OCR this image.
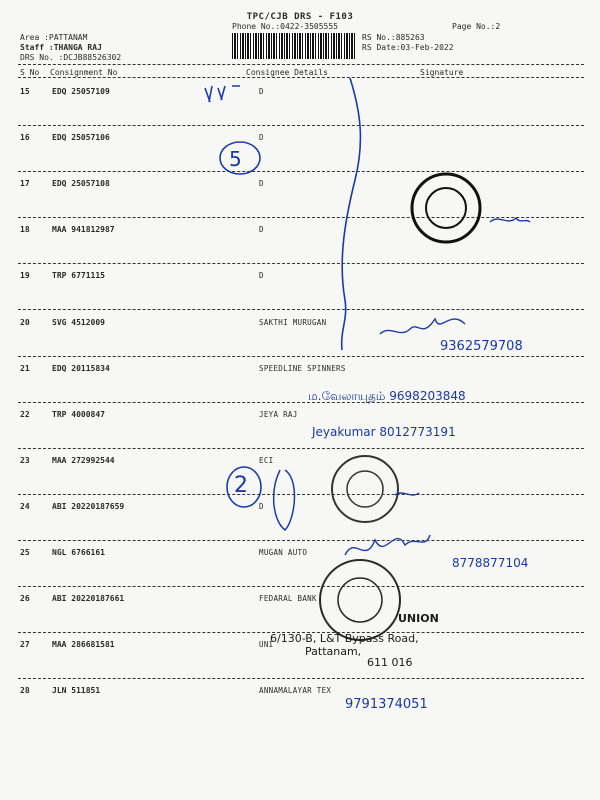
TPC/CJB DRS - F103
Phone No.:0422-3505555	Page No.:2
Area :PATTANAM
Staff :THANGA RAJ
DRS No. :DCJB88526302
RS No.:885263
RS Date:03-Feb-2022
S No Consignment No	Consignee Details	Signature
15	EDQ 25057109	D
16	EDQ 25057106	D
17	EDQ 25057108	D
18	MAA 941812987	D
19	TRP 6771115	D
20	SVG 4512009	SAKTHI MURUGAN
21	EDQ 20115834	SPEEDLINE SPINNERS
22	TRP 4000847	JEYA RAJ
23	MAA 272992544	ECI
24	ABI 20220187659	D
25	NGL 6766161	MUGAN AUTO
26	ABI 20220187661	FEDARAL BANK
27	MAA 286681581	UNI
28	JLN 511851	ANNAMALAYAR TEX
5
2
9362579708
ம.வேலாயுதம் 9698203848
Jeyakumar 8012773191
8778877104
9791374051
UNION
6/130-B, L&T Bypass Road,
Pattanam,
611 016
